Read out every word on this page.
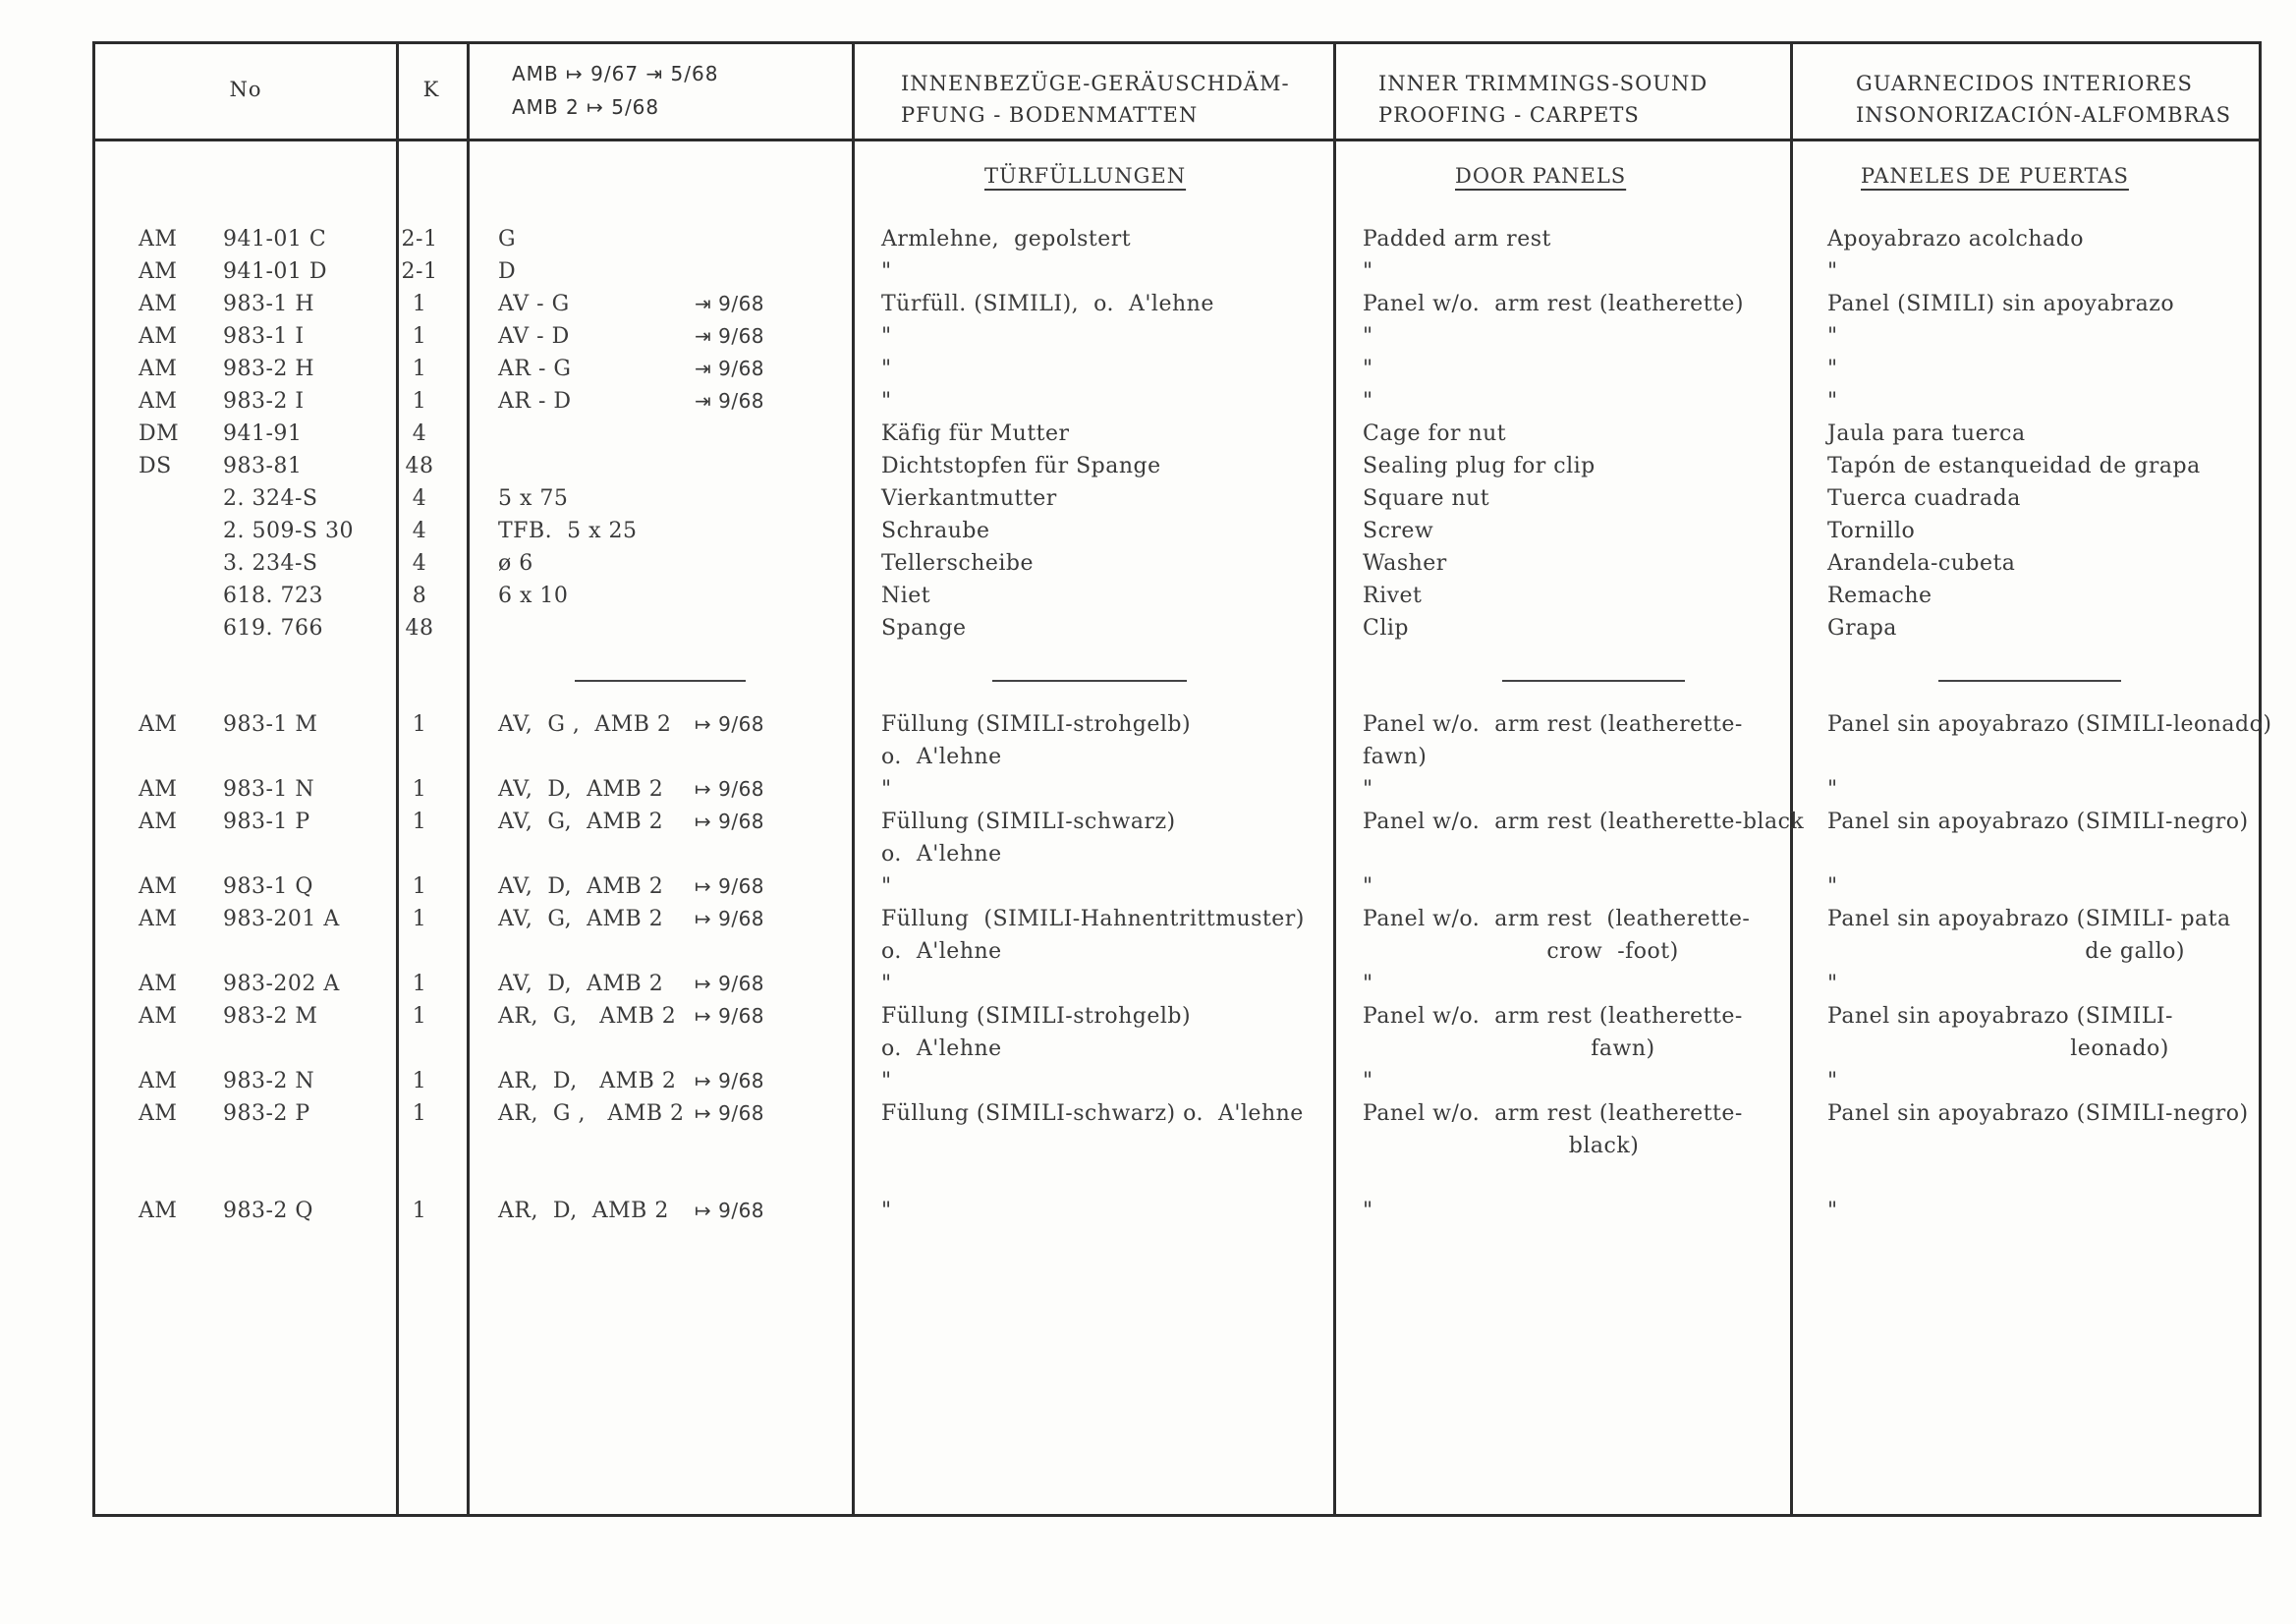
No	K
AMB ↦ 9/67 ⇥ 5/68
AMB 2 ↦ 5/68
INNENBEZÜGE-GERÄUSCHDÄM-
PFUNG - BODENMATTEN
INNER TRIMMINGS-SOUND
PROOFING - CARPETS
GUARNECIDOS INTERIORES
INSONORIZACIÓN-ALFOMBRAS
TÜRFÜLLUNGEN	DOOR PANELS	PANELES DE PUERTAS
AM 941-01 C	2-1	G	Armlehne,  gepolstert	Padded arm rest	Apoyabrazo acolchado
AM 941-01 D	2-1	D	"	"	"
AM 983-1 H	1	AV - G	⇥ 9/68	Türfüll. (SIMILI),  o.  A'lehne	Panel w/o.  arm rest (leatherette)	Panel (SIMILI) sin apoyabrazo
AM 983-1 I	1	AV - D	⇥ 9/68	"	"	"
AM 983-2 H	1	AR - G	⇥ 9/68	"	"	"
AM 983-2 I	1	AR - D	⇥ 9/68	"	"	"
DM 941-91	4	Käfig für Mutter	Cage for nut	Jaula para tuerca
DS 983-81	48	Dichtstopfen für Spange	Sealing plug for clip	Tapón de estanqueidad de grapa
2. 324-S	4	5 x 75	Vierkantmutter	Square nut	Tuerca cuadrada
2. 509-S 30	4	TFB.  5 x 25	Schraube	Screw	Tornillo
3. 234-S	4	ø 6	Tellerscheibe	Washer	Arandela-cubeta
618. 723	8	6 x 10	Niet	Rivet	Remache
619. 766	48	Spange	Clip	Grapa
AM 983-1 M	1	AV,  G ,  AMB 2 ↦ 9/68	Füllung (SIMILI-strohgelb)	Panel w/o.  arm rest (leatherette-	Panel sin apoyabrazo (SIMILI-leonado)
o.  A'lehne	fawn)
AM 983-1 N	1	AV,  D,  AMB 2 ↦ 9/68	"	"	"
AM 983-1 P	1	AV,  G,  AMB 2 ↦ 9/68	Füllung (SIMILI-schwarz)	Panel w/o.  arm rest (leatherette-black Panel sin apoyabrazo (SIMILI-negro)
o.  A'lehne
AM 983-1 Q	1	AV,  D,  AMB 2 ↦ 9/68	"	"	"
AM 983-201 A	1	AV,  G,  AMB 2 ↦ 9/68	Füllung  (SIMILI-Hahnentrittmuster)	Panel w/o.  arm rest  (leatherette-	Panel sin apoyabrazo (SIMILI- pata
o.  A'lehne	crow  -foot)	de gallo)
AM 983-202 A	1	AV,  D,  AMB 2 ↦ 9/68	"	"	"
AM 983-2 M	1	AR,  G,   AMB 2 ↦ 9/68	Füllung (SIMILI-strohgelb)	Panel w/o.  arm rest (leatherette-	Panel sin apoyabrazo (SIMILI-
o.  A'lehne	fawn)	leonado)
AM 983-2 N	1	AR,  D,   AMB 2 ↦ 9/68	"	"	"
AM 983-2 P	1	AR,  G ,   AMB 2 ↦ 9/68	Füllung (SIMILI-schwarz) o.  A'lehne	Panel w/o.  arm rest (leatherette-	Panel sin apoyabrazo (SIMILI-negro)
black)
AM 983-2 Q	1	AR,  D,  AMB 2 ↦ 9/68	"	"	"
